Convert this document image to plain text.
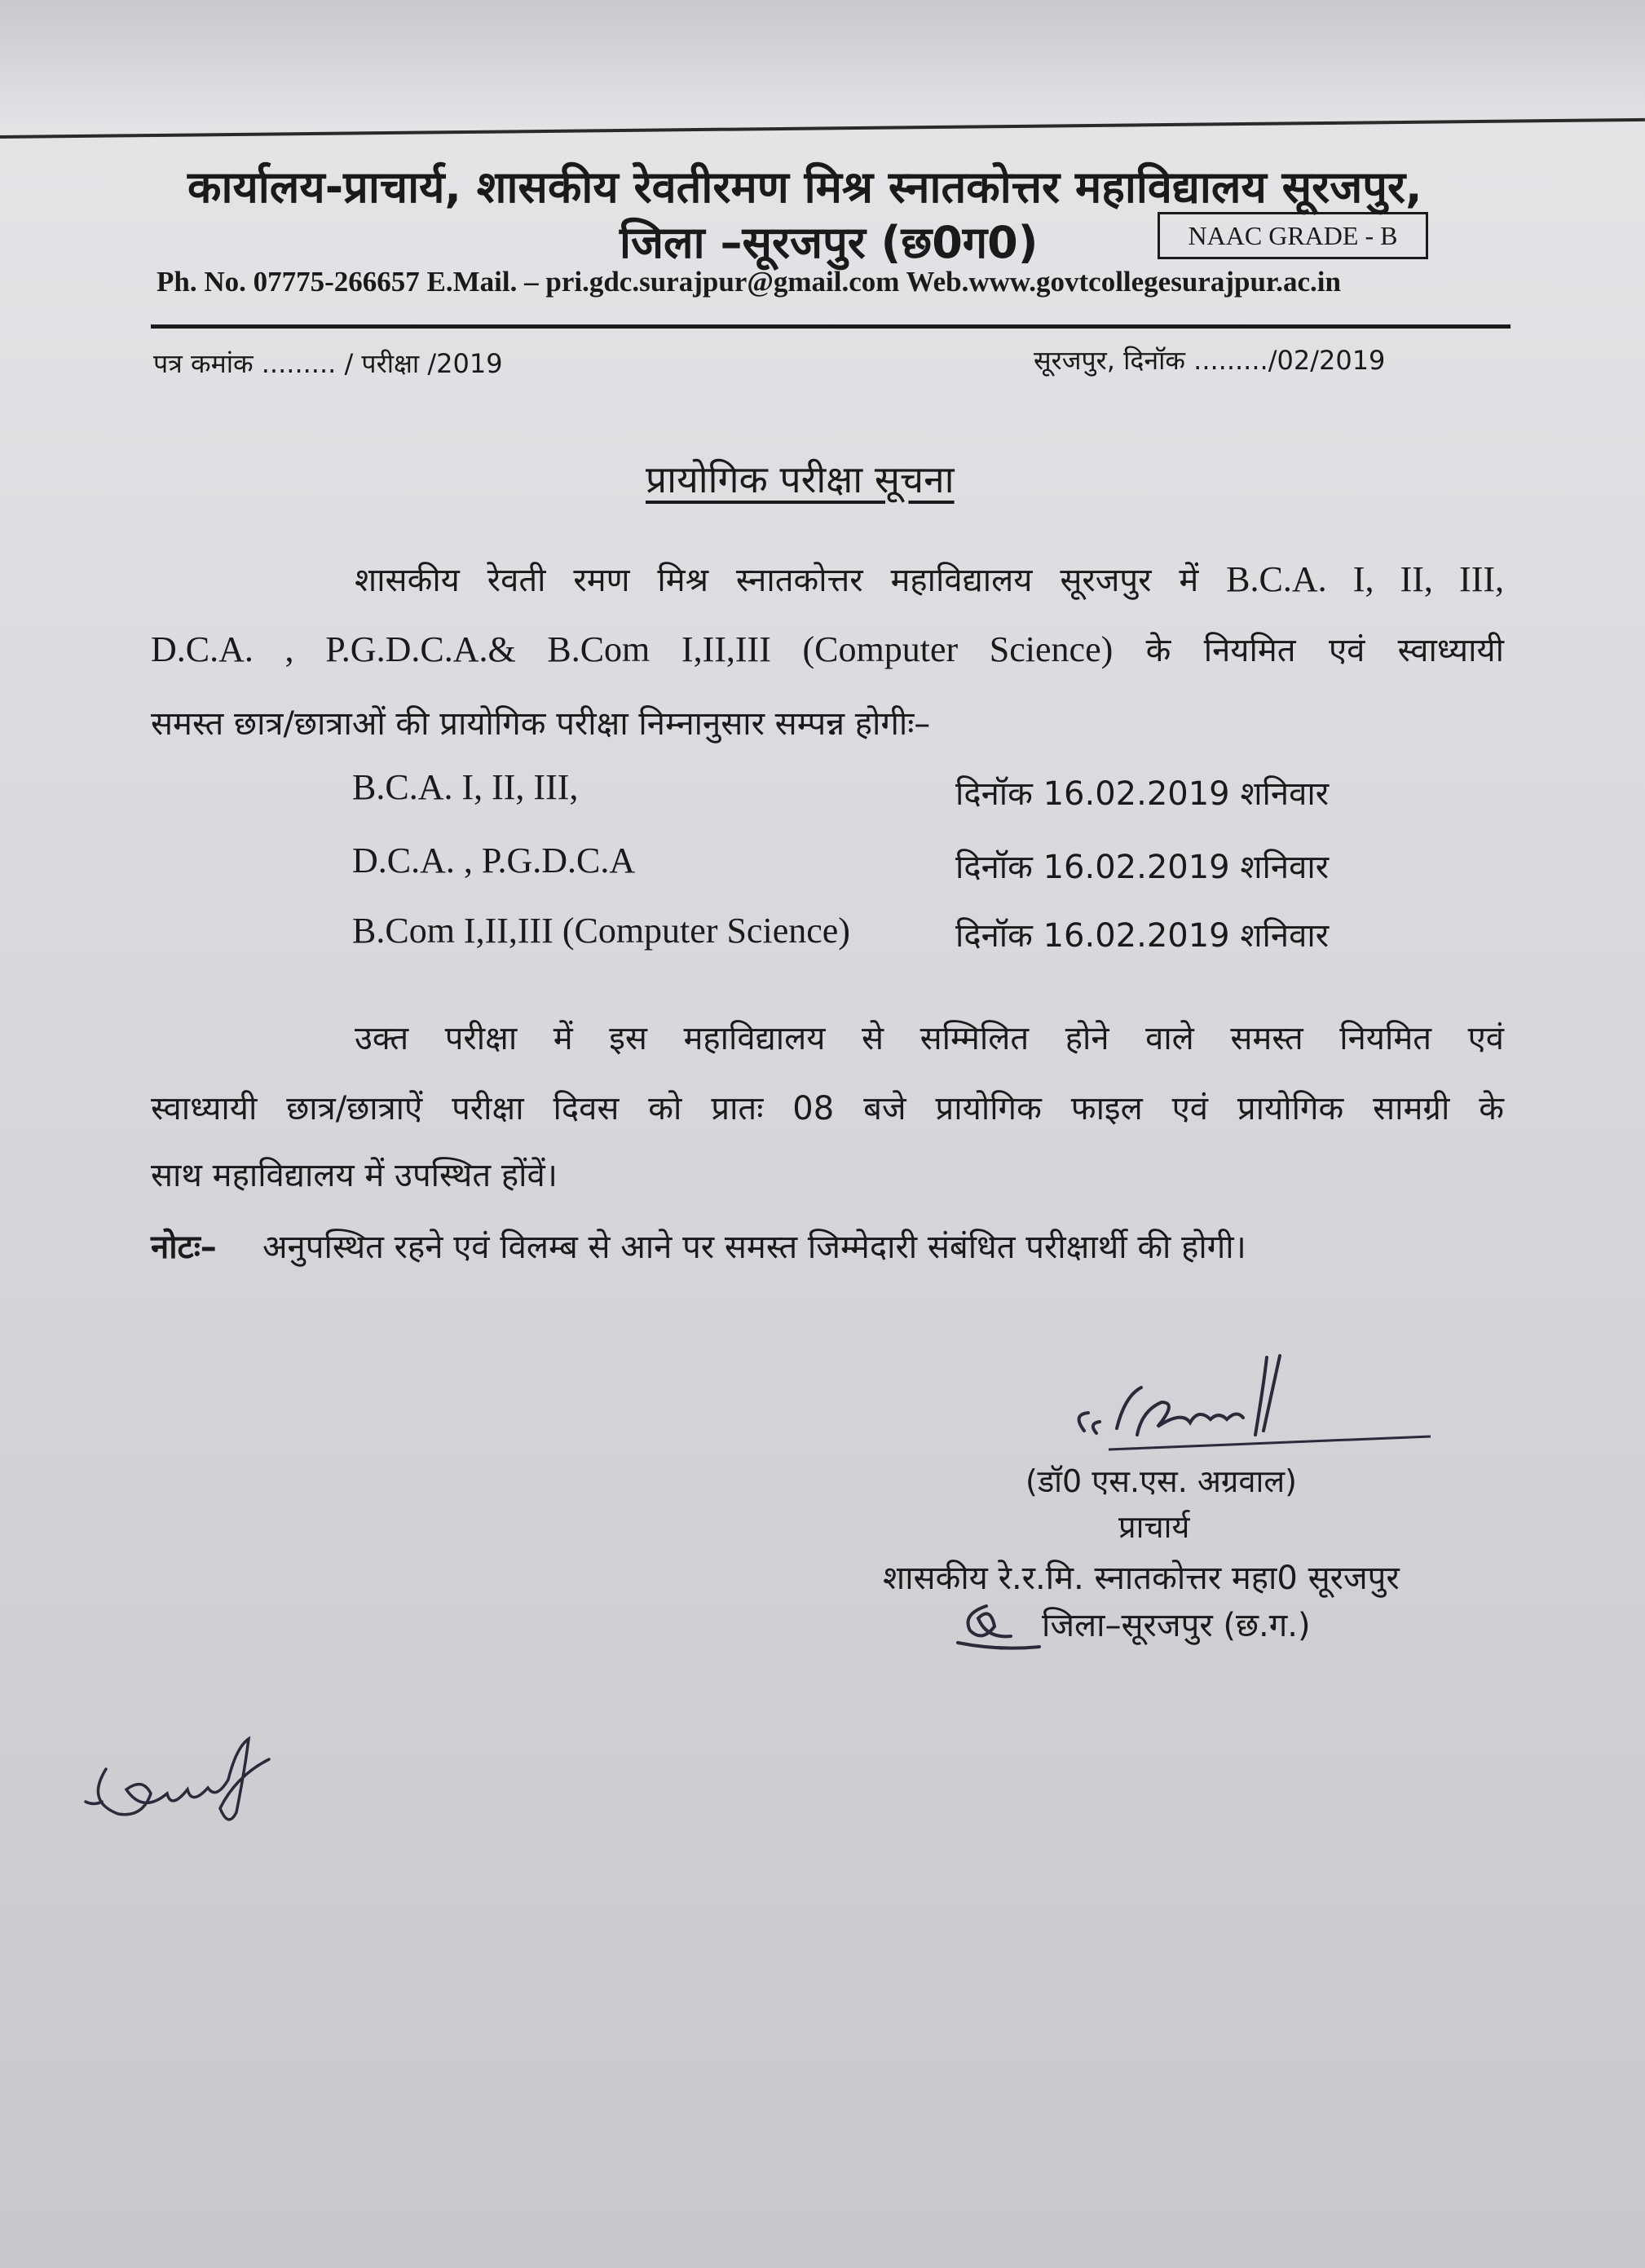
कार्यालय-प्राचार्य, शासकीय रेवतीरमण मिश्र स्नातकोत्तर महाविद्यालय सूरजपुर,
जिला –सूरजपुर (छ0ग0)	NAAC GRADE - B
Ph. No. 07775-266657 E.Mail. – pri.gdc.surajpur@gmail.com Web.www.govtcollegesurajpur.ac.in
पत्र कमांक ......... / परीक्षा /2019	सूरजपुर, दिनॉक ........./02/2019
प्रायोगिक परीक्षा सूचना
शासकीय रेवती रमण मिश्र स्नातकोत्तर महाविद्यालय सूरजपुर में B.C.A. I, II, III,
D.C.A. , P.G.D.C.A.& B.Com I,II,III (Computer Science) के नियमित एवं स्वाध्यायी
समस्त छात्र/छात्राओं की प्रायोगिक परीक्षा निम्नानुसार सम्पन्न होगीः–
B.C.A. I, II, III,	दिनॉक 16.02.2019 शनिवार
D.C.A. , P.G.D.C.A	दिनॉक 16.02.2019 शनिवार
B.Com I,II,III (Computer Science)	दिनॉक 16.02.2019 शनिवार
उक्त परीक्षा में इस महाविद्यालय से सम्मिलित होने वाले समस्त नियमित एवं
स्वाध्यायी छात्र/छात्राऐं परीक्षा दिवस को प्रातः 08 बजे प्रायोगिक फाइल एवं प्रायोगिक सामग्री के
साथ महाविद्यालय में उपस्थित होंवें।
नोटः– अनुपस्थित रहने एवं विलम्ब से आने पर समस्त जिम्मेदारी संबंधित परीक्षार्थी की होगी।
(डॉ0 एस.एस. अग्रवाल)
प्राचार्य
शासकीय रे.र.मि. स्नातकोत्तर महा0 सूरजपुर
जिला–सूरजपुर (छ.ग.)
